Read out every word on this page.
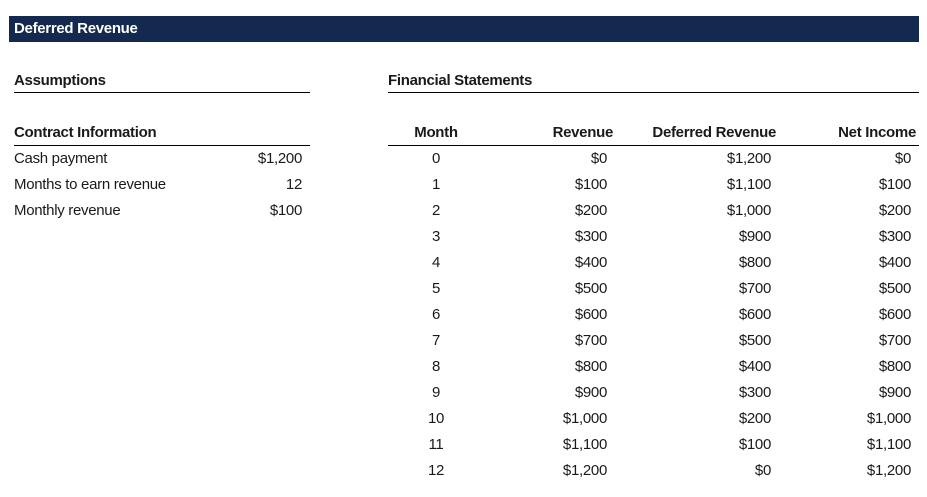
Deferred Revenue
Assumptions	Financial Statements
Contract Information
Cash payment	$1,200
Months to earn revenue	12
Monthly revenue	$100
Month	Revenue	Deferred Revenue	Net Income
0	$0	$1,200	$0
1	$100	$1,100	$100
2	$200	$1,000	$200
3	$300	$900	$300
4	$400	$800	$400
5	$500	$700	$500
6	$600	$600	$600
7	$700	$500	$700
8	$800	$400	$800
9	$900	$300	$900
10	$1,000	$200	$1,000
11	$1,100	$100	$1,100
12	$1,200	$0	$1,200
